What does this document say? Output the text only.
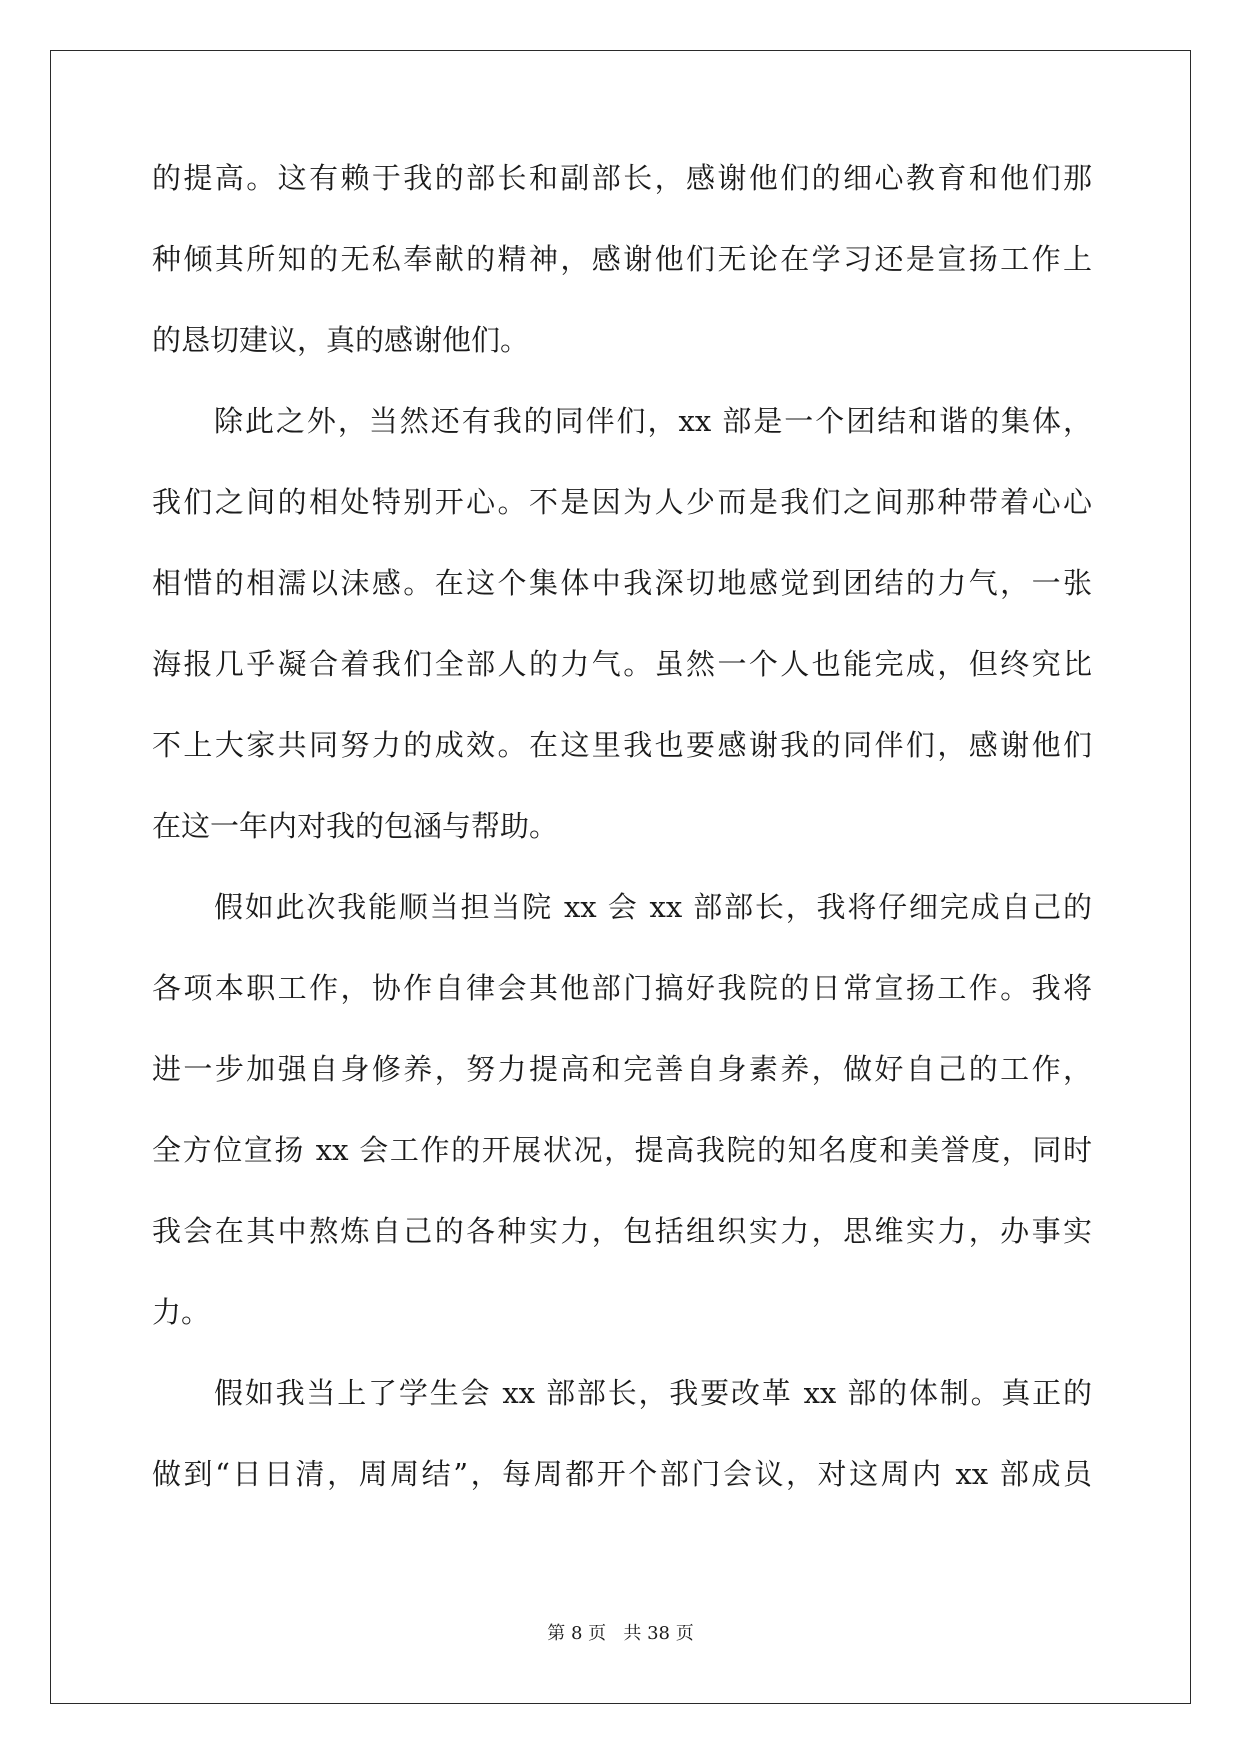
的提高。这有赖于我的部长和副部长，感谢他们的细心教育和他们那
种倾其所知的无私奉献的精神，感谢他们无论在学习还是宣扬工作上
的恳切建议，真的感谢他们。
除此之外，当然还有我的同伴们，xx 部是一个团结和谐的集体，
我们之间的相处特别开心。不是因为人少而是我们之间那种带着心心
相惜的相濡以沫感。在这个集体中我深切地感觉到团结的力气，一张
海报几乎凝合着我们全部人的力气。虽然一个人也能完成，但终究比
不上大家共同努力的成效。在这里我也要感谢我的同伴们，感谢他们
在这一年内对我的包涵与帮助。
假如此次我能顺当担当院 xx 会 xx 部部长，我将仔细完成自己的
各项本职工作，协作自律会其他部门搞好我院的日常宣扬工作。我将
进一步加强自身修养，努力提高和完善自身素养，做好自己的工作，
全方位宣扬 xx 会工作的开展状况，提高我院的知名度和美誉度，同时
我会在其中熬炼自己的各种实力，包括组织实力，思维实力，办事实
力。
假如我当上了学生会 xx 部部长，我要改革 xx 部的体制。真正的
做到“日日清，周周结”，每周都开个部门会议，对这周内 xx 部成员
第 8 页   共 38 页
